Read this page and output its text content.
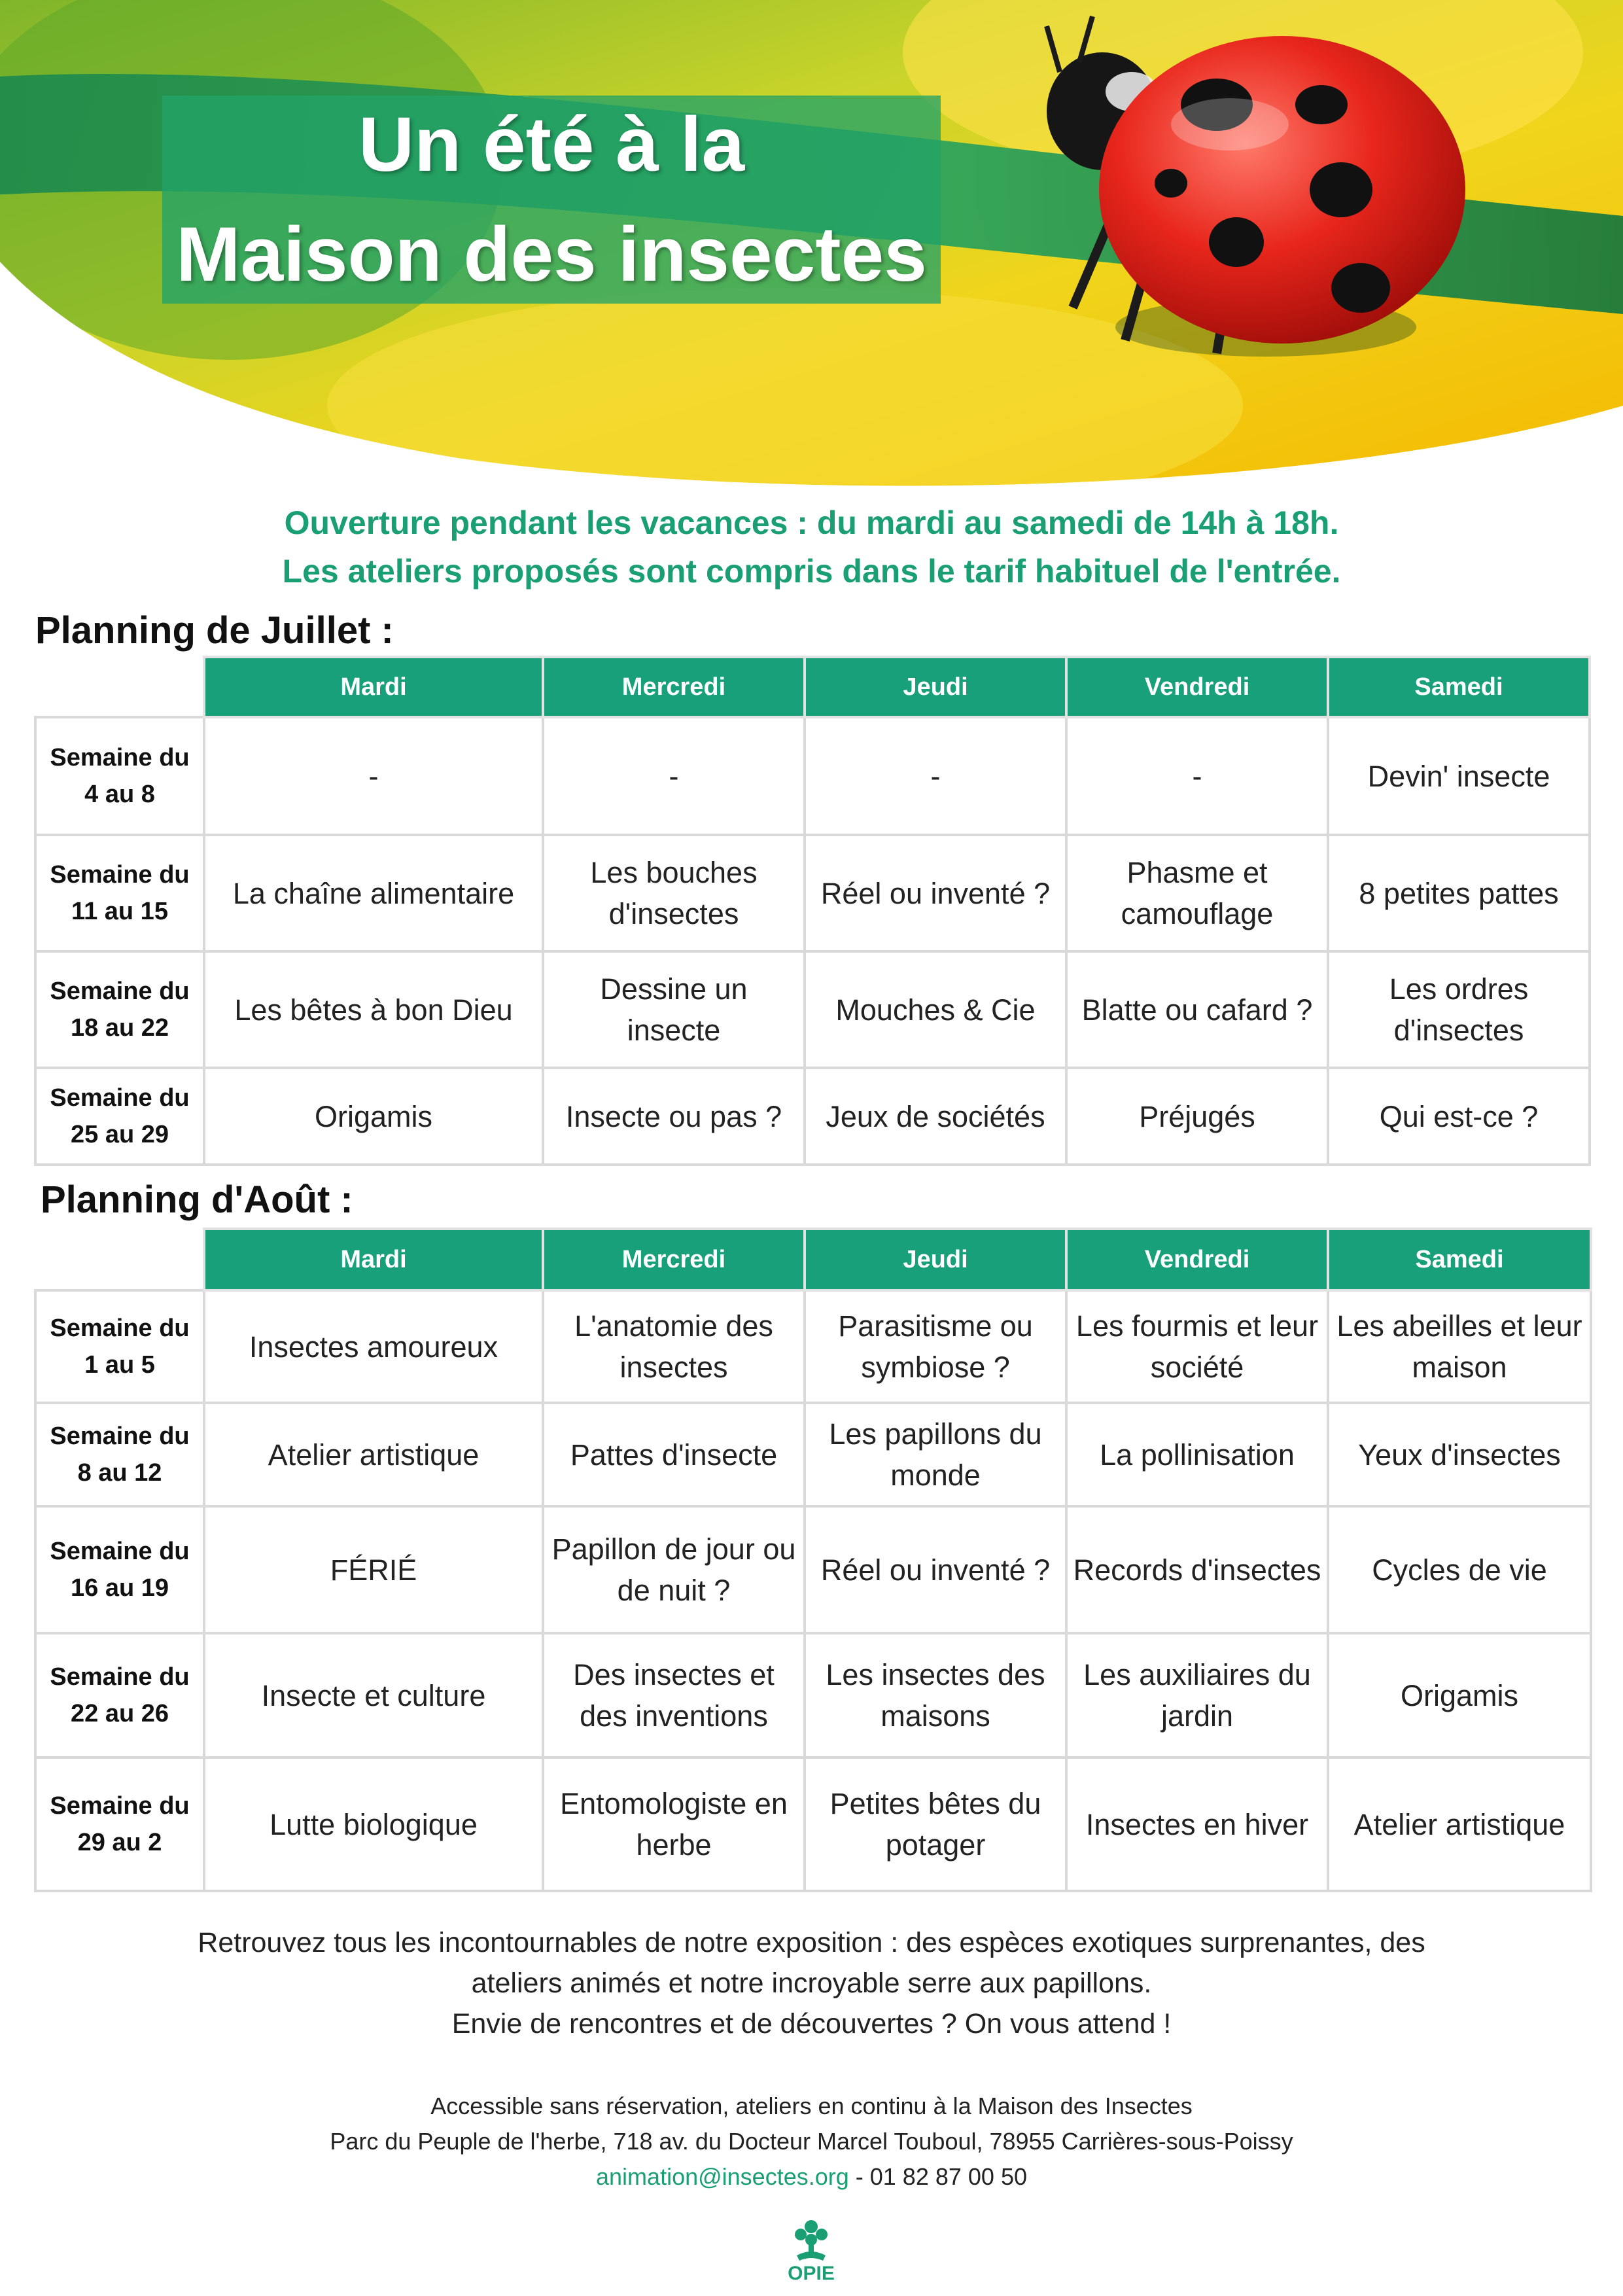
Un été à la
Maison des insectes
Ouverture pendant les vacances : du mardi au samedi de 14h à 18h.
Les ateliers proposés sont compris dans le tarif habituel de l'entrée.
Planning de Juillet :
	Mardi	Mercredi	Jeudi	Vendredi	Samedi
Semaine du
4 au 8	-	-	-	-	Devin' insecte
Semaine du
11 au 15	La chaîne alimentaire	Les bouches d'insectes	Réel ou inventé ?	Phasme et camouflage	8 petites pattes
Semaine du
18 au 22	Les bêtes à bon Dieu	Dessine un insecte	Mouches & Cie	Blatte ou cafard ?	Les ordres d'insectes
Semaine du
25 au 29	Origamis	Insecte ou pas ?	Jeux de sociétés	Préjugés	Qui est-ce ?
Planning d'Août :
	Mardi	Mercredi	Jeudi	Vendredi	Samedi
Semaine du
1 au 5	Insectes amoureux	L'anatomie des insectes	Parasitisme ou symbiose ?	Les fourmis et leur société	Les abeilles et leur maison
Semaine du
8 au 12	Atelier artistique	Pattes d'insecte	Les papillons du monde	La pollinisation	Yeux d'insectes
Semaine du
16 au 19	FÉRIÉ	Papillon de jour ou de nuit ?	Réel ou inventé ?	Records d'insectes	Cycles de vie
Semaine du
22 au 26	Insecte et culture	Des insectes et des inventions	Les insectes des maisons	Les auxiliaires du jardin	Origamis
Semaine du
29 au 2	Lutte biologique	Entomologiste en herbe	Petites bêtes du potager	Insectes en hiver	Atelier artistique
Retrouvez tous les incontournables de notre exposition : des espèces exotiques surprenantes, des
ateliers animés et notre incroyable serre aux papillons.
Envie de rencontres et de découvertes ? On vous attend !
Accessible sans réservation, ateliers en continu à la Maison des Insectes
Parc du Peuple de l'herbe, 718 av. du Docteur Marcel Touboul, 78955 Carrières-sous-Poissy
animation@insectes.org - 01 82 87 00 50
OPIE
